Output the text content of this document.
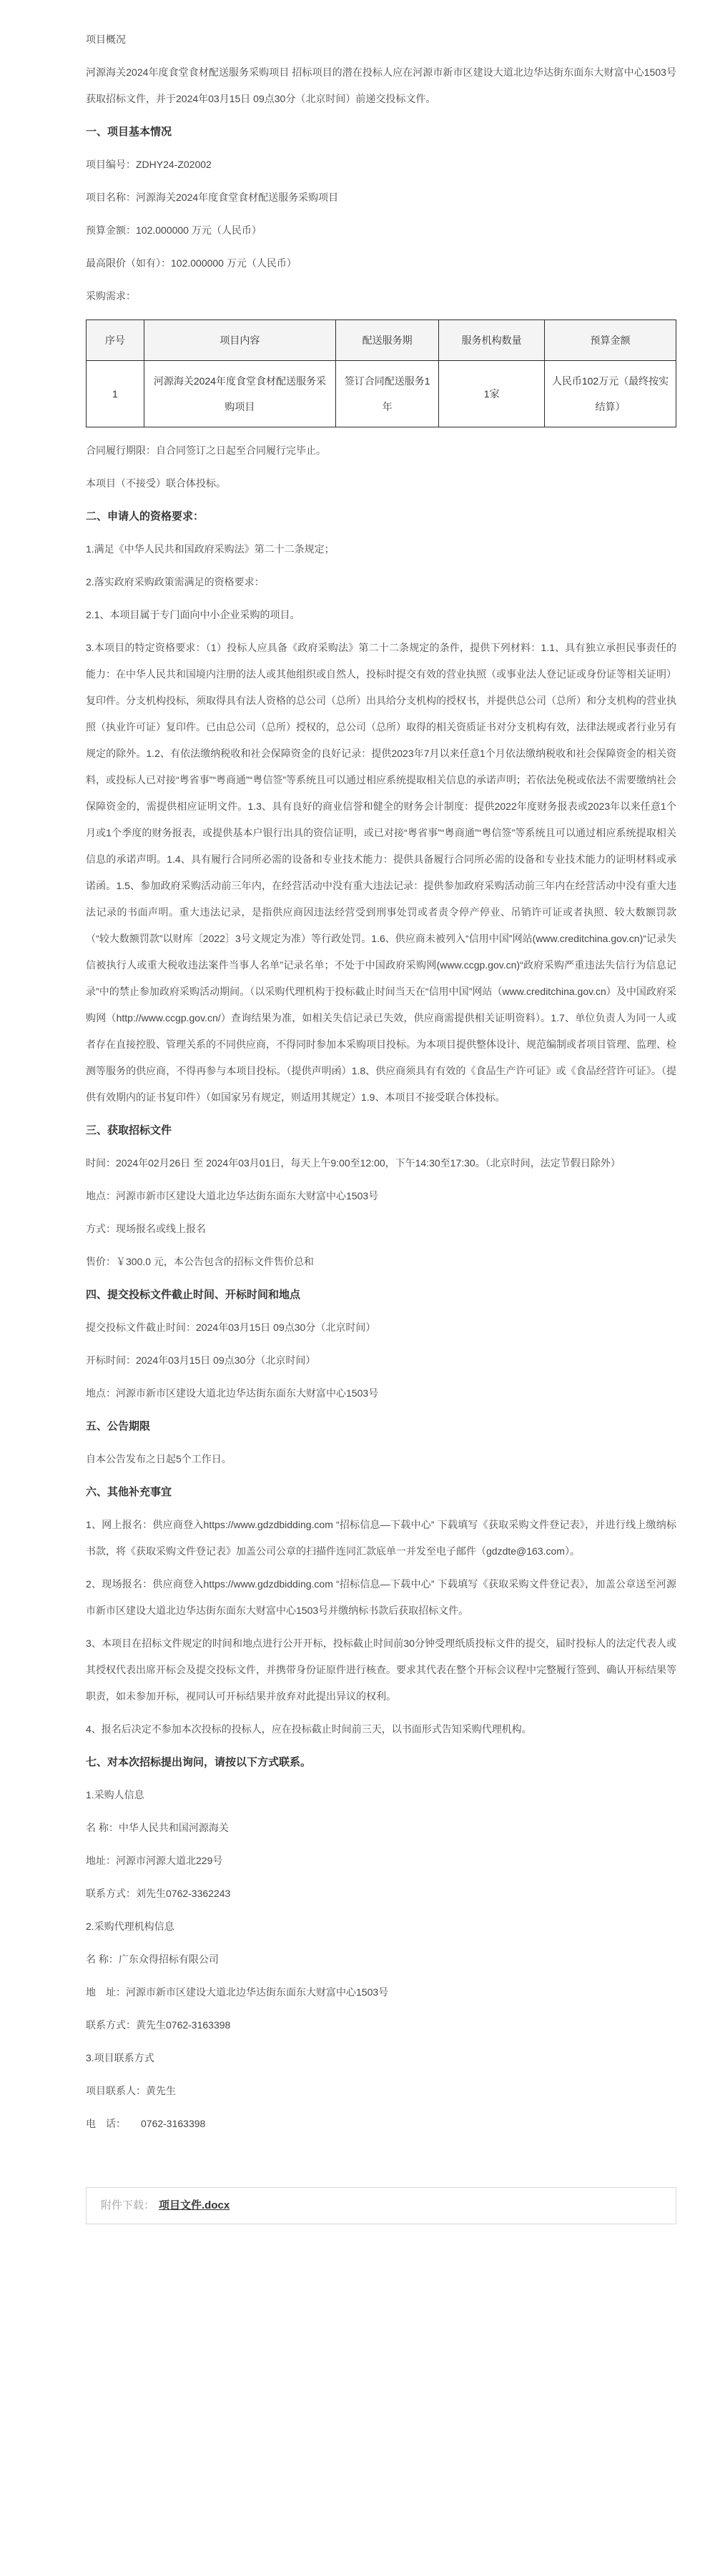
项目概况

河源海关2024年度食堂食材配送服务采购项目 招标项目的潜在投标人应在河源市新市区建设大道北边华达街东面东大财富中心1503号获取招标文件，并于2024年03月15日 09点30分（北京时间）前递交投标文件。

一、项目基本情况

项目编号：ZDHY24-Z02002

项目名称：河源海关2024年度食堂食材配送服务采购项目

预算金额：102.000000 万元（人民币）

最高限价（如有）：102.000000 万元（人民币）

采购需求：

序号	项目内容	配送服务期	服务机构数量	预算金额
1	河源海关2024年度食堂食材配送服务采购项目	签订合同配送服务1年	1家	人民币102万元（最终按实结算）

合同履行期限：自合同签订之日起至合同履行完毕止。

本项目（不接受）联合体投标。

二、申请人的资格要求：

1.满足《中华人民共和国政府采购法》第二十二条规定；

2.落实政府采购政策需满足的资格要求：

2.1、本项目属于专门面向中小企业采购的项目。

3.本项目的特定资格要求：（1）投标人应具备《政府采购法》第二十二条规定的条件，提供下列材料：1.1、具有独立承担民事责任的能力：在中华人民共和国境内注册的法人或其他组织或自然人，投标时提交有效的营业执照（或事业法人登记证或身份证等相关证明）复印件。分支机构投标，须取得具有法人资格的总公司（总所）出具给分支机构的授权书，并提供总公司（总所）和分支机构的营业执照（执业许可证）复印件。已由总公司（总所）授权的，总公司（总所）取得的相关资质证书对分支机构有效，法律法规或者行业另有规定的除外。1.2、有依法缴纳税收和社会保障资金的良好记录：提供2023年7月以来任意1个月依法缴纳税收和社会保障资金的相关资料，或投标人已对接“粤省事”“粤商通”“粤信签”等系统且可以通过相应系统提取相关信息的承诺声明；若依法免税或依法不需要缴纳社会保障资金的，需提供相应证明文件。1.3、具有良好的商业信誉和健全的财务会计制度：提供2022年度财务报表或2023年以来任意1个月或1个季度的财务报表，或提供基本户银行出具的资信证明，或已对接“粤省事”“粤商通”“粤信签”等系统且可以通过相应系统提取相关信息的承诺声明。1.4、具有履行合同所必需的设备和专业技术能力：提供具备履行合同所必需的设备和专业技术能力的证明材料或承诺函。1.5、参加政府采购活动前三年内，在经营活动中没有重大违法记录：提供参加政府采购活动前三年内在经营活动中没有重大违法记录的书面声明。重大违法记录，是指供应商因违法经营受到刑事处罚或者责令停产停业、吊销许可证或者执照、较大数额罚款（“较大数额罚款”以财库〔2022〕3号文规定为准）等行政处罚。1.6、供应商未被列入“信用中国”网站(www.creditchina.gov.cn)“记录失信被执行人或重大税收违法案件当事人名单”记录名单；不处于中国政府采购网(www.ccgp.gov.cn)“政府采购严重违法失信行为信息记录”中的禁止参加政府采购活动期间。（以采购代理机构于投标截止时间当天在“信用中国”网站（www.creditchina.gov.cn）及中国政府采购网（http://www.ccgp.gov.cn/）查询结果为准，如相关失信记录已失效，供应商需提供相关证明资料）。1.7、单位负责人为同一人或者存在直接控股、管理关系的不同供应商，不得同时参加本采购项目投标。为本项目提供整体设计、规范编制或者项目管理、监理、检测等服务的供应商，不得再参与本项目投标。（提供声明函）1.8、供应商须具有有效的《食品生产许可证》或《食品经营许可证》。（提供有效期内的证书复印件）（如国家另有规定，则适用其规定）1.9、本项目不接受联合体投标。

三、获取招标文件

时间：2024年02月26日 至 2024年03月01日，每天上午9:00至12:00，下午14:30至17:30。（北京时间，法定节假日除外）

地点：河源市新市区建设大道北边华达街东面东大财富中心1503号

方式：现场报名或线上报名

售价：￥300.0 元，本公告包含的招标文件售价总和

四、提交投标文件截止时间、开标时间和地点

提交投标文件截止时间：2024年03月15日 09点30分（北京时间）

开标时间：2024年03月15日 09点30分（北京时间）

地点：河源市新市区建设大道北边华达街东面东大财富中心1503号

五、公告期限

自本公告发布之日起5个工作日。

六、其他补充事宜

1、网上报名：供应商登入https://www.gdzdbidding.com “招标信息—下载中心” 下载填写《获取采购文件登记表》，并进行线上缴纳标书款，将《获取采购文件登记表》加盖公司公章的扫描件连同汇款底单一并发至电子邮件（gdzdte@163.com）。

2、现场报名：供应商登入https://www.gdzdbidding.com “招标信息—下载中心” 下载填写《获取采购文件登记表》，加盖公章送至河源市新市区建设大道北边华达街东面东大财富中心1503号并缴纳标书款后获取招标文件。

3、本项目在招标文件规定的时间和地点进行公开开标，投标截止时间前30分钟受理纸质投标文件的提交，届时投标人的法定代表人或其授权代表出席开标会及提交投标文件，并携带身份证原件进行核查。要求其代表在整个开标会议程中完整履行签到、确认开标结果等职责，如未参加开标，视同认可开标结果并放弃对此提出异议的权利。

4、报名后决定不参加本次投标的投标人，应在投标截止时间前三天，以书面形式告知采购代理机构。

七、对本次招标提出询问，请按以下方式联系。

1.采购人信息

名 称：中华人民共和国河源海关

地址：河源市河源大道北229号

联系方式：刘先生0762-3362243

2.采购代理机构信息

名 称：广东众得招标有限公司

地　址：河源市新市区建设大道北边华达街东面东大财富中心1503号

联系方式：黄先生0762-3163398

3.项目联系方式

项目联系人：黄先生

电　话：　　0762-3163398

附件下载： 项目文件.docx
